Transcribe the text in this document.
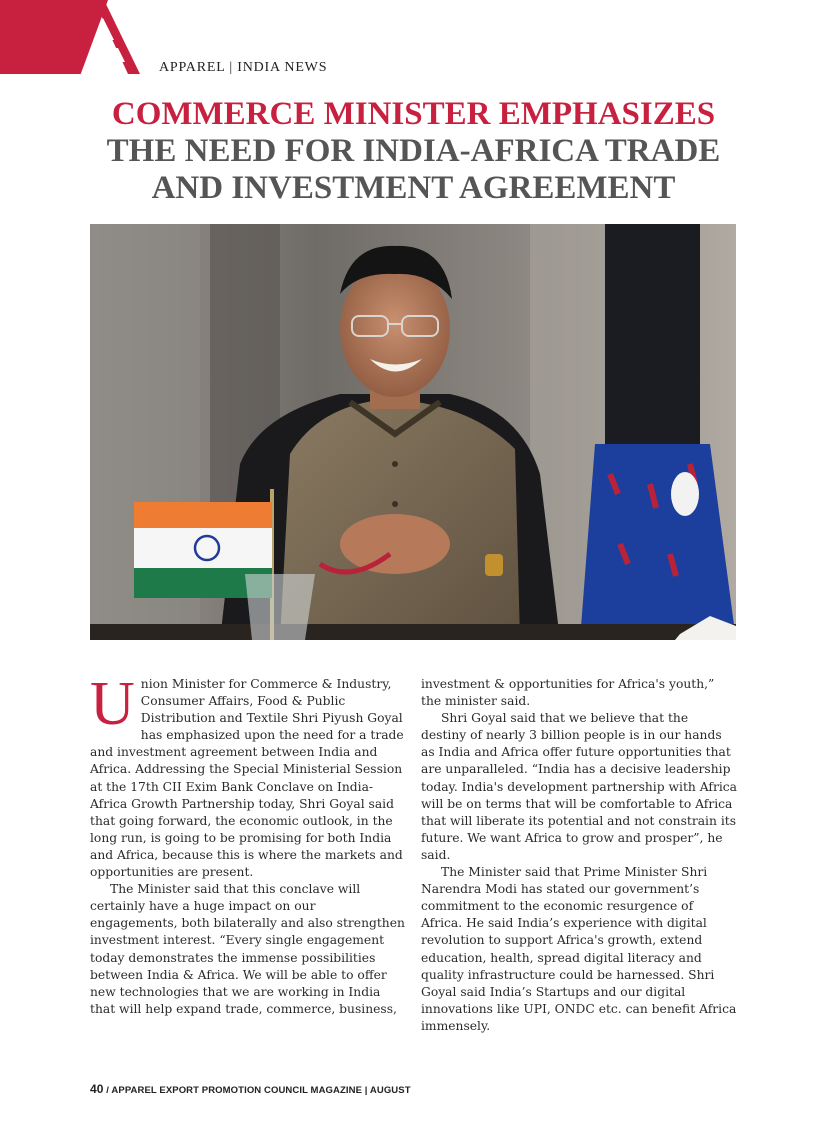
APPAREL | INDIA NEWS
COMMERCE MINISTER EMPHASIZES
THE NEED FOR INDIA-AFRICA TRADE
AND INVESTMENT AGREEMENT

Union Minister for Commerce & Industry, Consumer Affairs, Food & Public Distribution and Textile Shri Piyush Goyal has emphasized upon the need for a trade and investment agreement between India and Africa. Addressing the Special Ministerial Session at the 17th CII Exim Bank Conclave on India-Africa Growth Partnership today, Shri Goyal said that going forward, the economic outlook, in the long run, is going to be promising for both India and Africa, because this is where the markets and opportunities are present.

The Minister said that this conclave will certainly have a huge impact on our engagements, both bilaterally and also strengthen investment interest. “Every single engagement today demonstrates the immense possibilities between India & Africa. We will be able to offer new technologies that we are working in India that will help expand trade, commerce, business,

investment & opportunities for Africa's youth,” the minister said.

Shri Goyal said that we believe that the destiny of nearly 3 billion people is in our hands as India and Africa offer future opportunities that are unparalleled. “India has a decisive leadership today. India's development partnership with Africa will be on terms that will be comfortable to Africa that will liberate its potential and not constrain its future. We want Africa to grow and prosper”, he said.

The Minister said that Prime Minister Shri Narendra Modi has stated our government’s commitment to the economic resurgence of Africa. He said India’s experience with digital revolution to support Africa's growth, extend education, health, spread digital literacy and quality infrastructure could be harnessed. Shri Goyal said India’s Startups and our digital innovations like UPI, ONDC etc. can benefit Africa immensely.

40 / APPAREL EXPORT PROMOTION COUNCIL MAGAZINE | AUGUST
